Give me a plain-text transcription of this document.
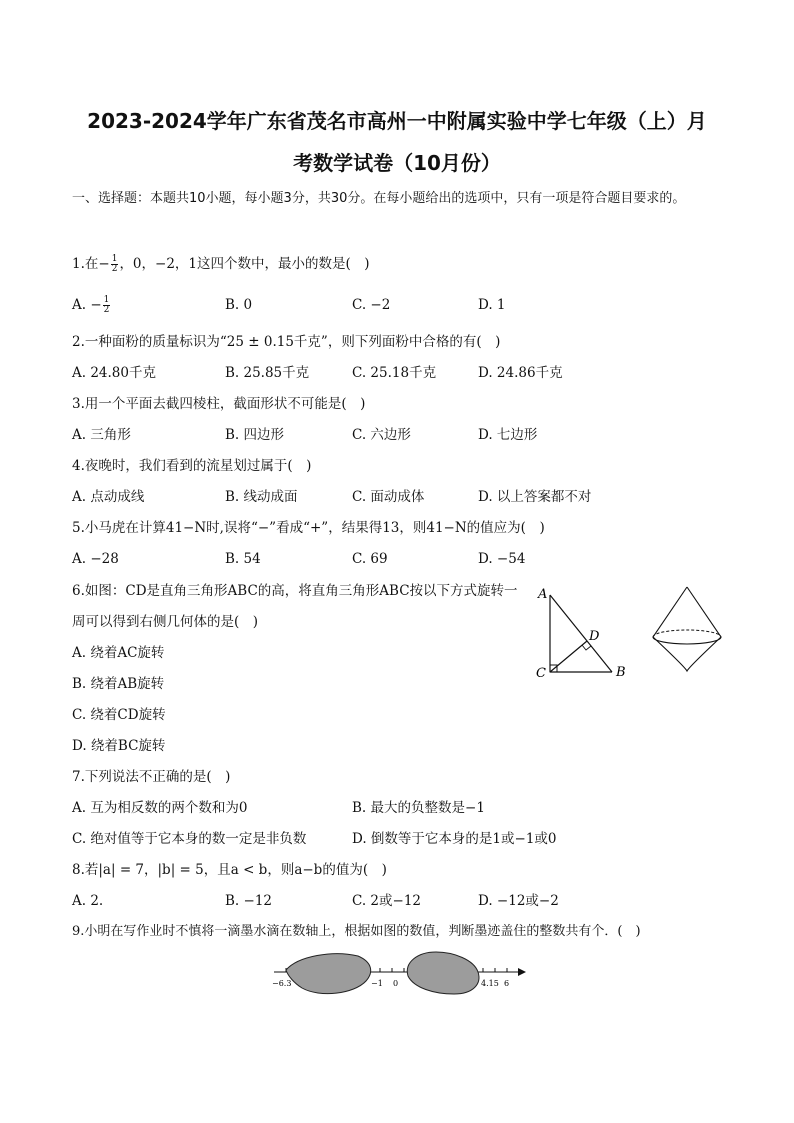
2023-2024学年广东省茂名市高州一中附属实验中学七年级（上）月
考数学试卷（10月份）
一、选择题：本题共10小题，每小题3分，共30分。在每小题给出的选项中，只有一项是符合题目要求的。
1.在 − $\frac{1}{2}$ ，0，−2，1这四个数中，最小的数是(　)
A. − $\frac{1}{2}$	B. 0	C. −2	D. 1
2.一种面粉的质量标识为“25 ± 0.15千克”，则下列面粉中合格的有(　)
A. 24.80千克	B. 25.85千克	C. 25.18千克	D. 24.86千克
3.用一个平面去截四棱柱，截面形状不可能是(　)
A. 三角形	B. 四边形	C. 六边形	D. 七边形
4.夜晚时，我们看到的流星划过属于(　)
A. 点动成线	B. 线动成面	C. 面动成体	D. 以上答案都不对
5.小马虎在计算41−N时,误将“−”看成“+”，结果得13，则41−N的值应为(　)
A. −28	B. 54	C. 69	D. −54
6.如图：CD是直角三角形ABC的高，将直角三角形ABC按以下方式旋转一
周可以得到右侧几何体的是(　)
A. 绕着AC旋转
B. 绕着AB旋转
C. 绕着CD旋转
D. 绕着BC旋转
A
B
C
D
7.下列说法不正确的是(　)
A. 互为相反数的两个数和为0	B. 最大的负整数是−1
C. 绝对值等于它本身的数一定是非负数	D. 倒数等于它本身的是1或−1或0
8.若|a| = 7，|b| = 5，且a < b，则a−b的值为(　)
A. 2.	B. −12	C. 2或−12	D. −12或−2
9.小明在写作业时不慎将一滴墨水滴在数轴上，根据如图的数值，判断墨迹盖住的整数共有个．(　)
−6.3	−1 0	4.15 6
